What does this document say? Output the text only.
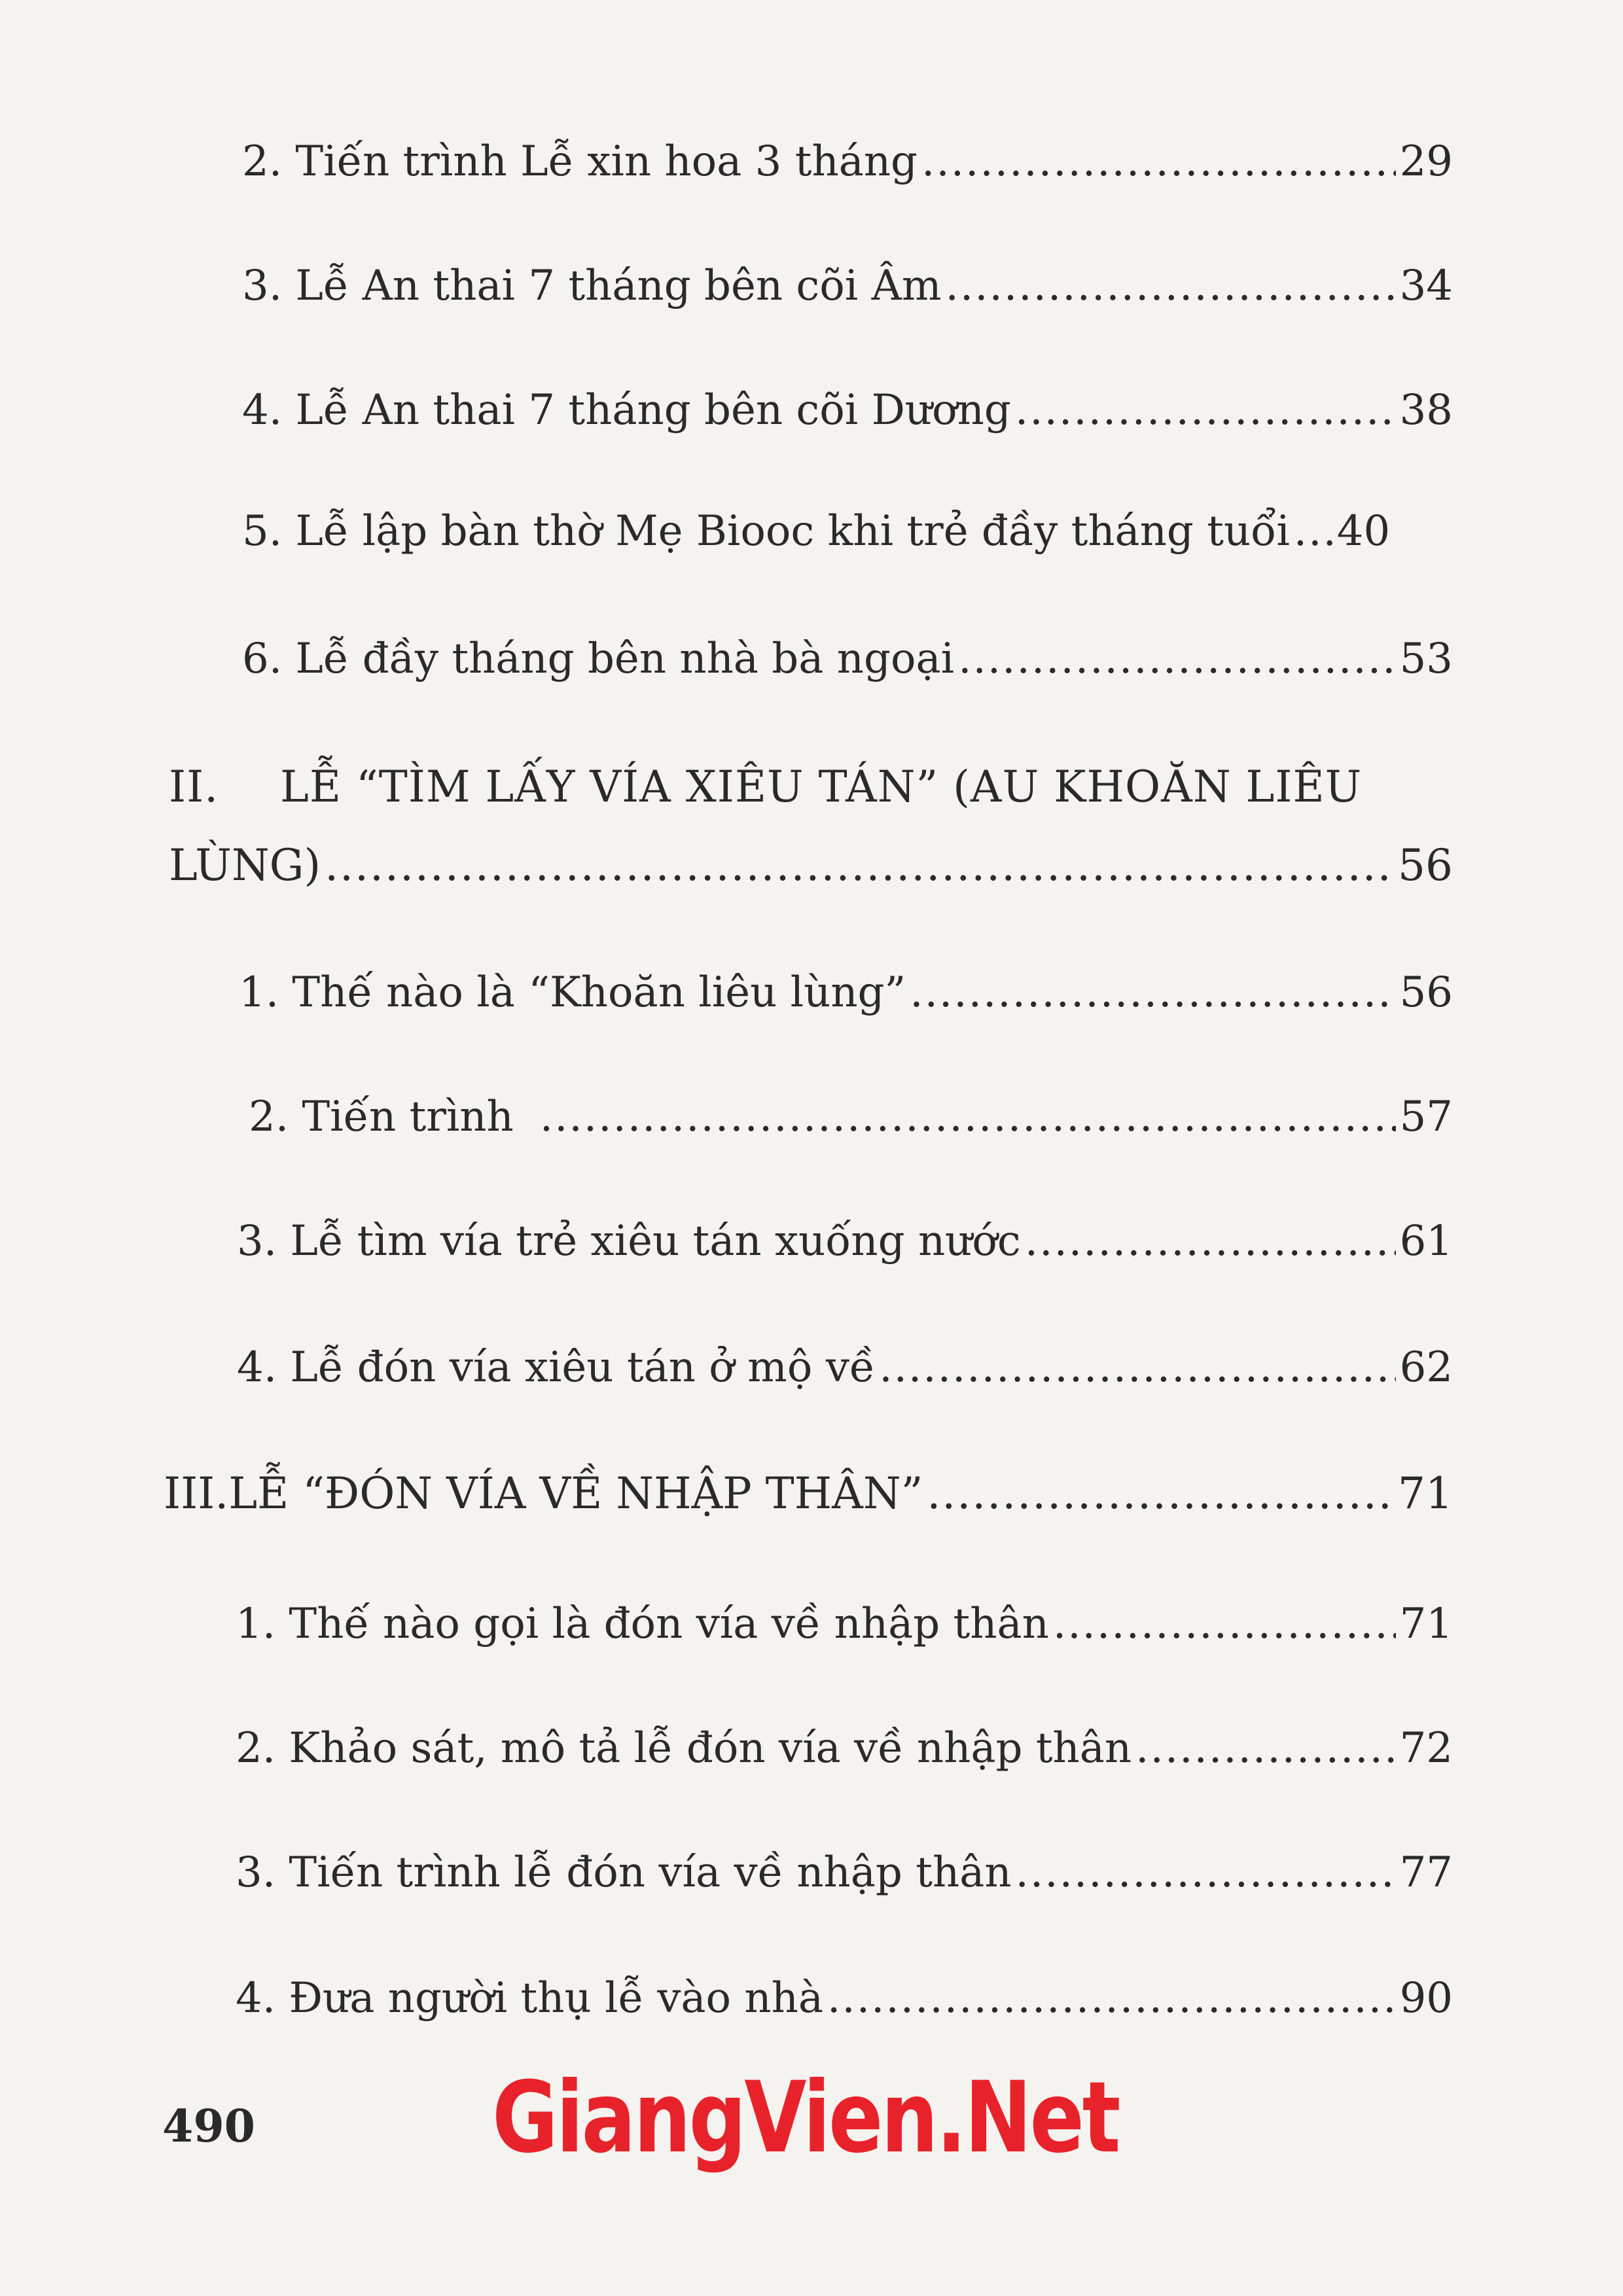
2. Tiến trình Lễ xin hoa 3 tháng .....	29
3. Lễ An thai 7 tháng bên cõi Âm .....	34
4. Lễ An thai 7 tháng bên cõi Dương .....	38
5. Lễ lập bàn thờ Mẹ Biooc khi trẻ đầy tháng tuổi ..... 40
6. Lễ đầy tháng bên nhà bà ngoại .....	53
II. LỄ “TÌM LẤY VÍA XIÊU TÁN” (AU KHOĂN LIÊU
LÙNG) .....	56
1. Thế nào là “Khoăn liêu lùng” .....	56
2. Tiến trình .....	57
3. Lễ tìm vía trẻ xiêu tán xuống nước .....	61
4. Lễ đón vía xiêu tán ở mộ về .....	62
III. LỄ “ĐÓN VÍA VỀ NHẬP THÂN” .....	71
1. Thế nào gọi là đón vía về nhập thân .....	71
2. Khảo sát, mô tả lễ đón vía về nhập thân .....	72
3. Tiến trình lễ đón vía về nhập thân .....	77
4. Đưa người thụ lễ vào nhà .....	90
490 GiangVien.Net
